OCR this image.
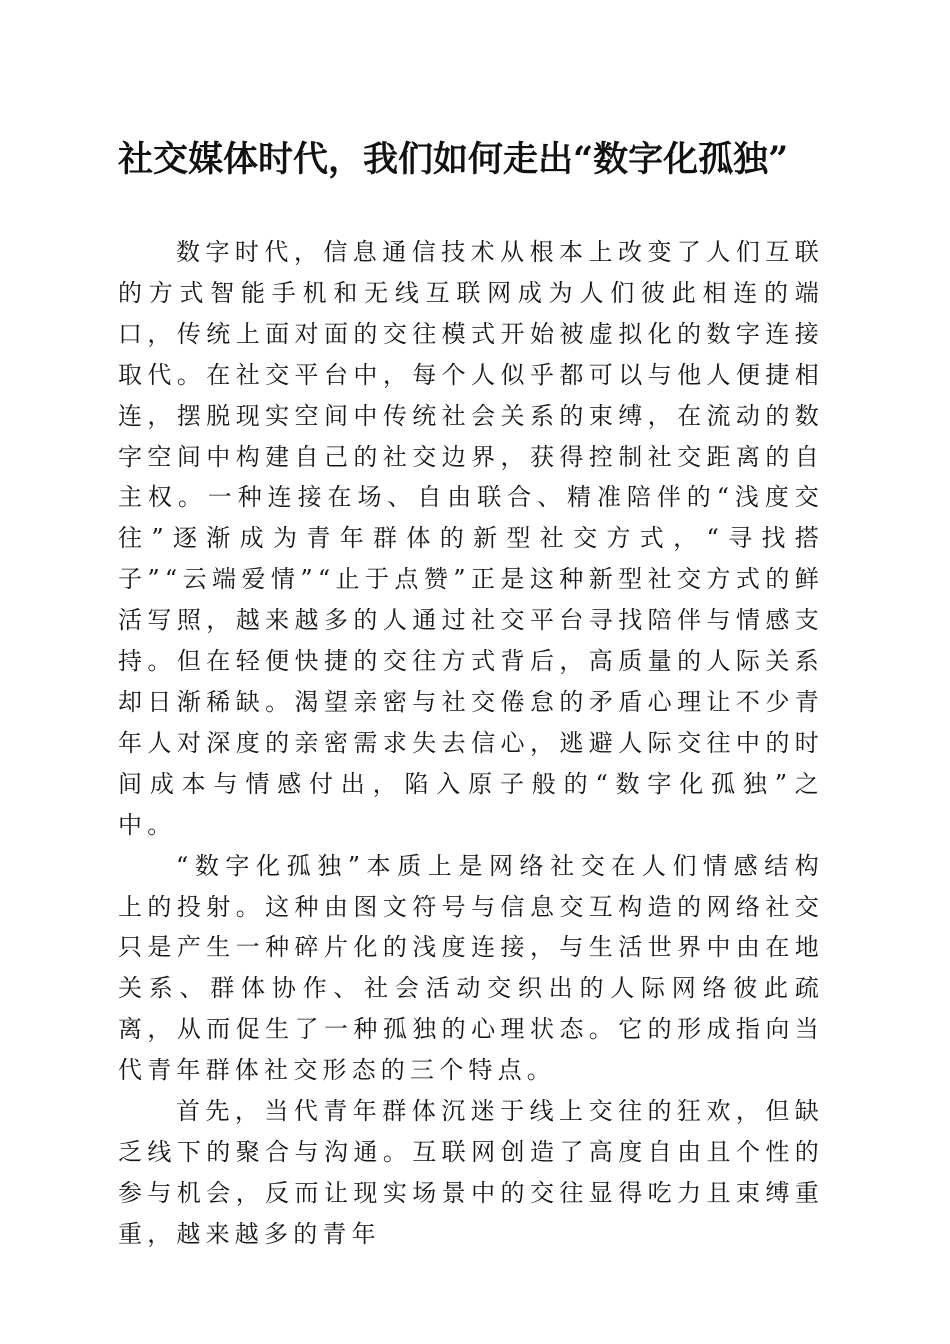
社交媒体时代，我们如何走出“数字化孤独”

数字时代，信息通信技术从根本上改变了人们互联的方式智能手机和无线互联网成为人们彼此相连的端口，传统上面对面的交往模式开始被虚拟化的数字连接取代。在社交平台中，每个人似乎都可以与他人便捷相连，摆脱现实空间中传统社会关系的束缚，在流动的数字空间中构建自己的社交边界，获得控制社交距离的自主权。一种连接在场、自由联合、精准陪伴的“浅度交往”逐渐成为青年群体的新型社交方式，“寻找搭子”“云端爱情”“止于点赞”正是这种新型社交方式的鲜活写照，越来越多的人通过社交平台寻找陪伴与情感支持。但在轻便快捷的交往方式背后，高质量的人际关系却日渐稀缺。渴望亲密与社交倦怠的矛盾心理让不少青年人对深度的亲密需求失去信心，逃避人际交往中的时间成本与情感付出，陷入原子般的“数字化孤独”之中。

“数字化孤独”本质上是网络社交在人们情感结构上的投射。这种由图文符号与信息交互构造的网络社交只是产生一种碎片化的浅度连接，与生活世界中由在地关系、群体协作、社会活动交织出的人际网络彼此疏离，从而促生了一种孤独的心理状态。它的形成指向当代青年群体社交形态的三个特点。

首先，当代青年群体沉迷于线上交往的狂欢，但缺乏线下的聚合与沟通。互联网创造了高度自由且个性的参与机会，反而让现实场景中的交往显得吃力且束缚重重，越来越多的青年
